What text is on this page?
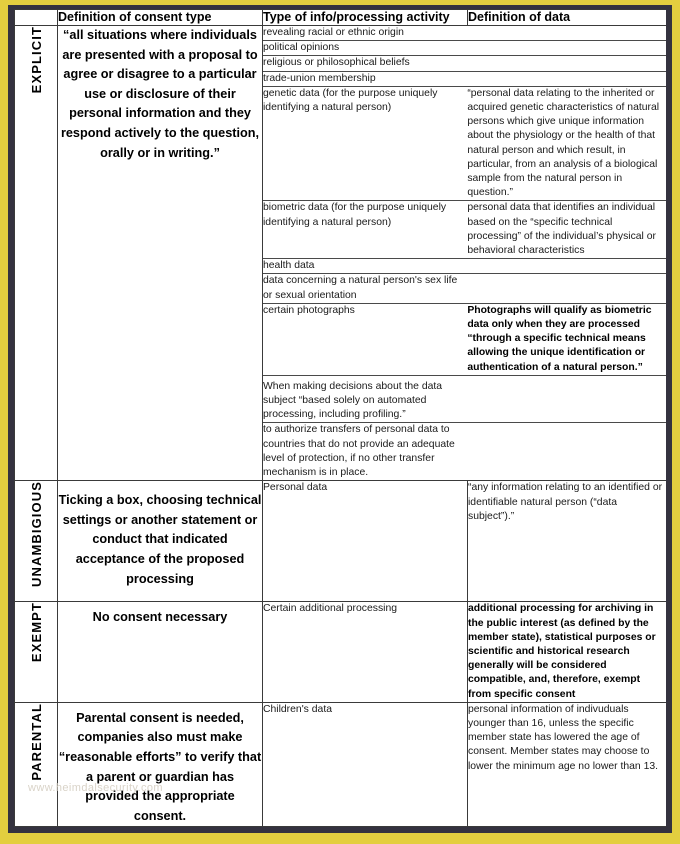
	Definition of consent type	Type of info/processing activity	Definition of data
EXPLICIT	“all situations where individuals are presented with a proposal to agree or disagree to a particular use or disclosure of their personal information and they respond actively to the question, orally or in writing.”	
revealing racial or ethnic origin	
political opinions	
religious or philosophical beliefs	
trade-union membership	
genetic data (for the purpose uniquely identifying a natural person)	“personal data relating to the inherited or acquired genetic characteristics of natural persons which give unique information about the physiology or the health of that natural person and which result, in particular, from an analysis of a biological sample from the natural person in question.”
biometric data (for the purpose uniquely identifying a natural person)	personal data that identifies an individual based on the “specific technical processing” of the individual’s physical or behavioral characteristics
health data	
data concerning a natural person's sex life or sexual orientation	
certain photographs	Photographs will qualify as biometric data only when they are processed “through a specific technical means allowing the unique identification or authentication of a natural person.”
When making decisions about the data subject “based solely on automated processing, including profiling.”	
to authorize transfers of personal data to countries that do not provide an adequate level of protection, if no other transfer mechanism is in place.	

UNAMBIGIOUS	Ticking a box, choosing technical settings or another statement or conduct that indicated acceptance of the proposed processing	Personal data	“any information relating to an identified or identifiable natural person (“data subject”).”
EXEMPT	No consent necessary	Certain additional processing	additional processing for archiving in the public interest (as defined by the member state), statistical purposes or scientific and historical research generally will be considered compatible, and, therefore, exempt from specific consent
PARENTAL	Parental consent is needed, companies also must make “reasonable efforts” to verify that a parent or guardian has provided the appropriate consent.	Children's data	personal information of indivuduals younger than 16, unless the specific member state has lowered the age of consent. Member states may choose to lower the minimum age no lower than 13.
www.heimdalsecurity.com
